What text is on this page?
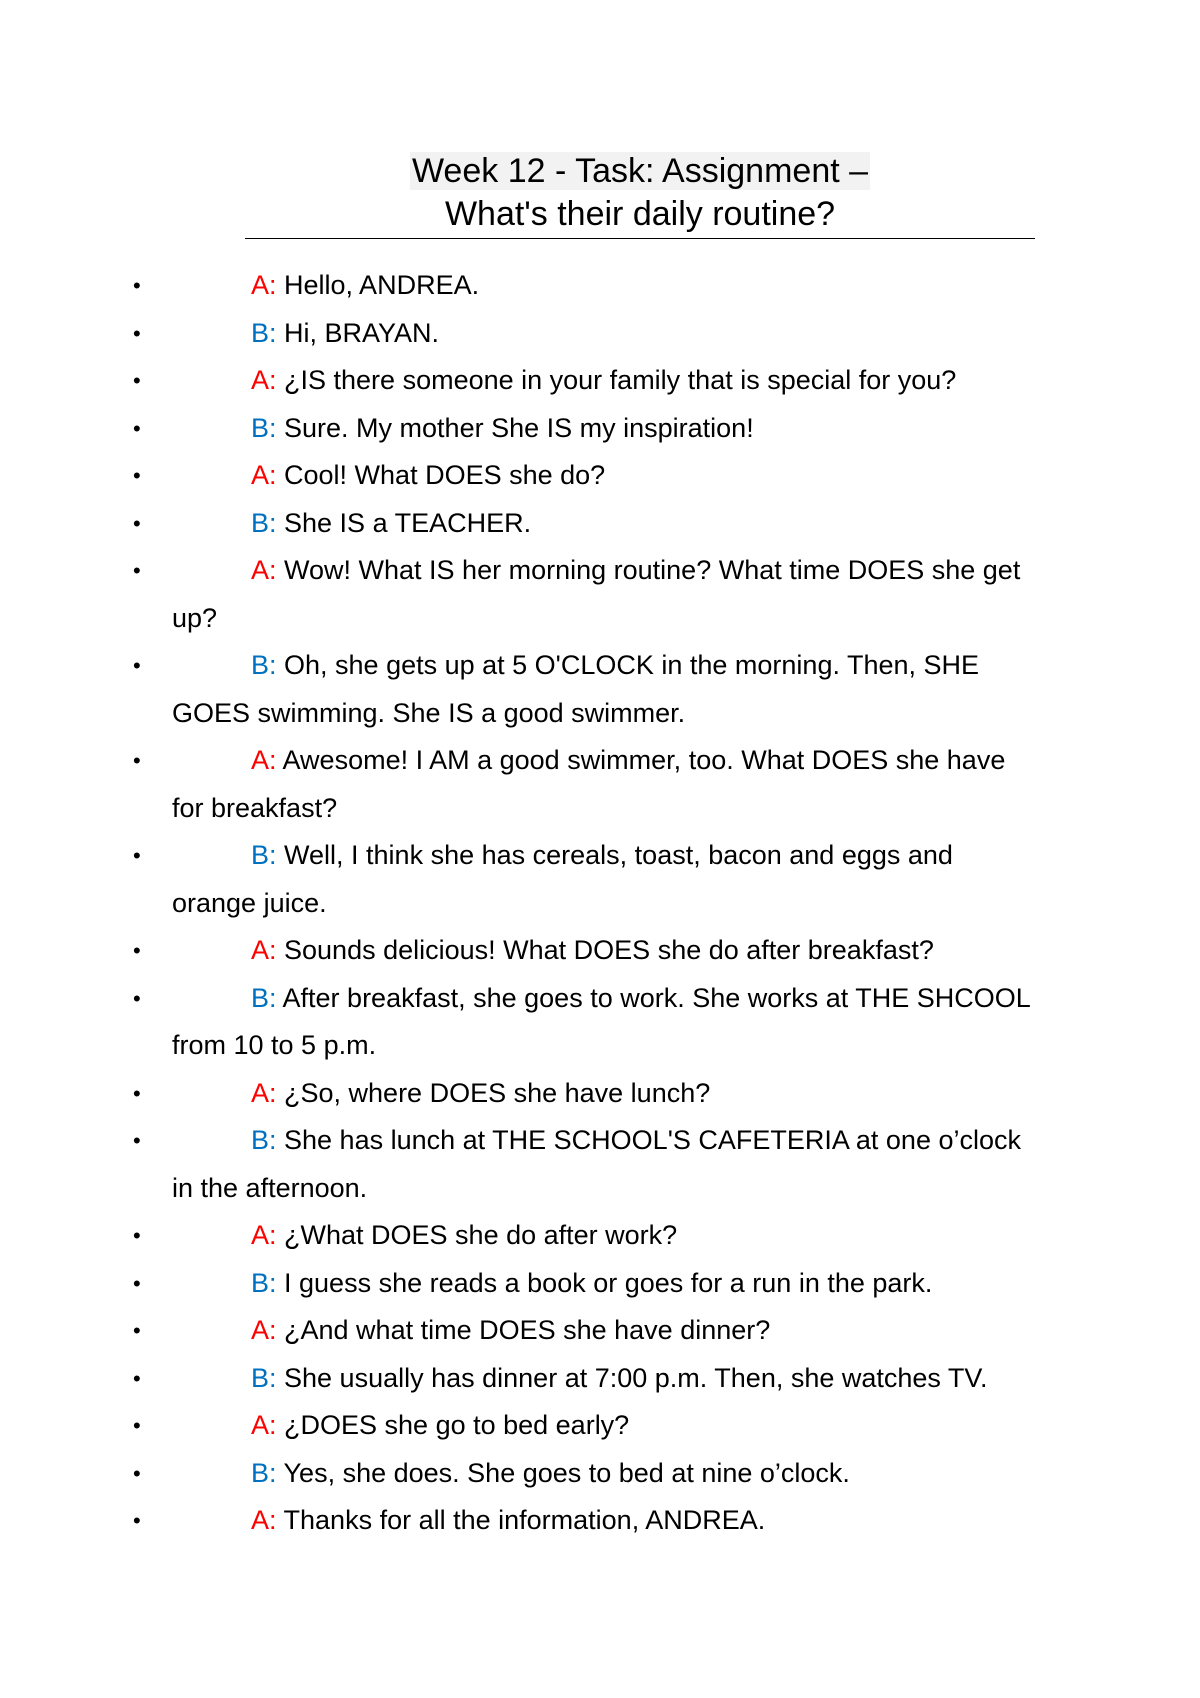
Week 12 - Task: Assignment –

What's their daily routine?

•	A: Hello, ANDREA.
•	B: Hi, BRAYAN.
•	A: ¿IS there someone in your family that is special for you?
•	B: Sure. My mother She IS my inspiration!
•	A: Cool! What DOES she do?
•	B: She IS a TEACHER.
•	A: Wow! What IS her morning routine? What time DOES she get up?
•	B: Oh, she gets up at 5 O'CLOCK in the morning. Then, SHE GOES swimming. She IS a good swimmer.
•	A: Awesome! I AM a good swimmer, too. What DOES she have for breakfast?
•	B: Well, I think she has cereals, toast, bacon and eggs and orange juice.
•	A: Sounds delicious! What DOES she do after breakfast?
•	B: After breakfast, she goes to work. She works at THE SHCOOL from 10 to 5 p.m.
•	A: ¿So, where DOES she have lunch?
•	B: She has lunch at THE SCHOOL'S CAFETERIA at one o’clock in the afternoon.
•	A: ¿What DOES she do after work?
•	B: I guess she reads a book or goes for a run in the park.
•	A: ¿And what time DOES she have dinner?
•	B: She usually has dinner at 7:00 p.m. Then, she watches TV.
•	A: ¿DOES she go to bed early?
•	B: Yes, she does. She goes to bed at nine o’clock.
•	A: Thanks for all the information, ANDREA.
